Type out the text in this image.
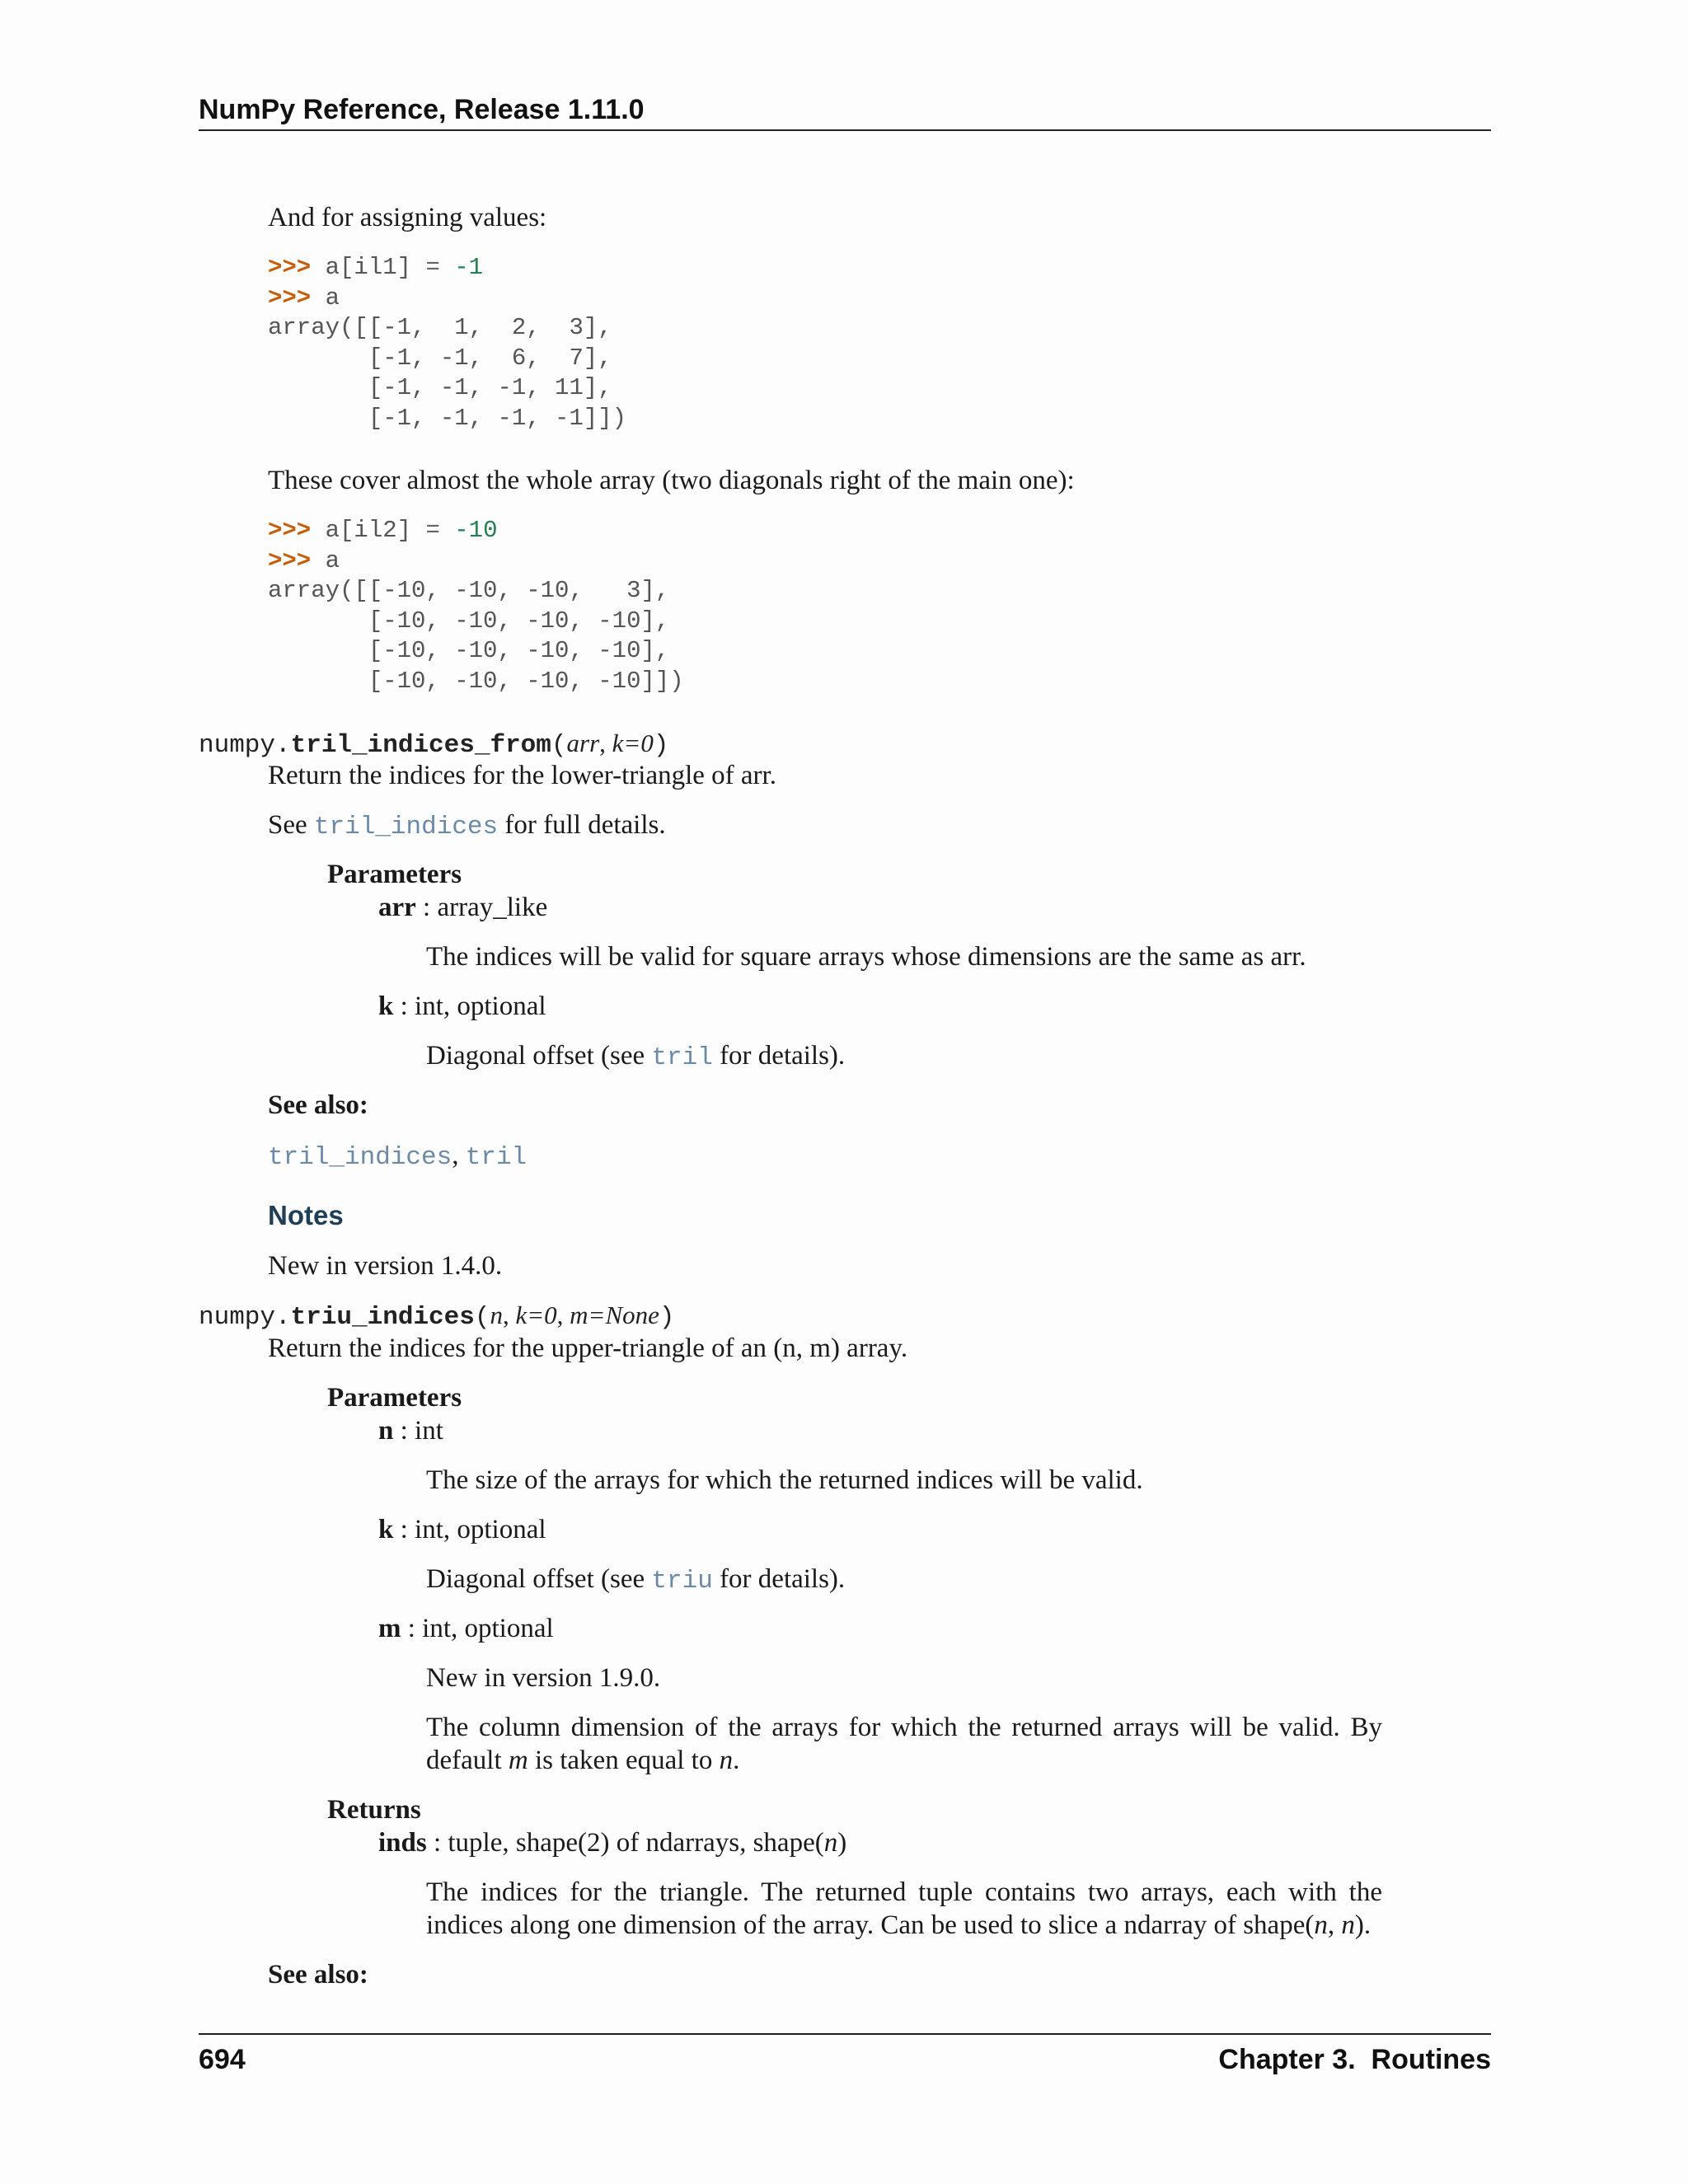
NumPy Reference, Release 1.11.0
And for assigning values:
>>> a[il1] = -1
>>> a
array([[-1,  1,  2,  3],
[-1, -1,  6,  7],
[-1, -1, -1, 11],
[-1, -1, -1, -1]])
These cover almost the whole array (two diagonals right of the main one):
>>> a[il2] = -10
>>> a
array([[-10, -10, -10,   3],
[-10, -10, -10, -10],
[-10, -10, -10, -10],
[-10, -10, -10, -10]])
numpy.tril_indices_from(arr, k=0)
Return the indices for the lower-triangle of arr.
See tril_indices for full details.
Parameters
arr : array_like
The indices will be valid for square arrays whose dimensions are the same as arr.
k : int, optional
Diagonal offset (see tril for details).
See also:
tril_indices, tril
Notes
New in version 1.4.0.
numpy.triu_indices(n, k=0, m=None)
Return the indices for the upper-triangle of an (n, m) array.
Parameters
n : int
The size of the arrays for which the returned indices will be valid.
k : int, optional
Diagonal offset (see triu for details).
m : int, optional
New in version 1.9.0.
The column dimension of the arrays for which the returned arrays will be valid. By default m is taken equal to n.
Returns
inds : tuple, shape(2) of ndarrays, shape(n)
The indices for the triangle. The returned tuple contains two arrays, each with the indices along one dimension of the array. Can be used to slice a ndarray of shape(n, n).
See also:
694	Chapter 3.  Routines
